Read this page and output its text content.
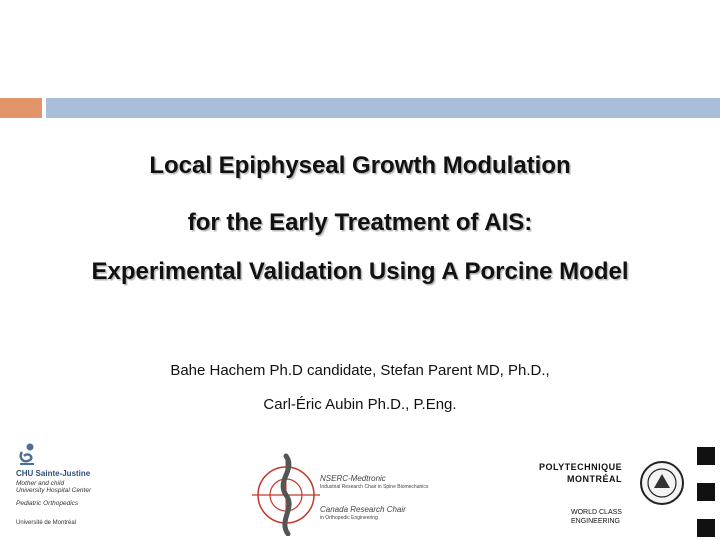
Local Epiphyseal Growth Modulation
for the Early Treatment of AIS:
Experimental Validation Using A Porcine Model
Bahe Hachem Ph.D candidate, Stefan Parent MD, Ph.D.,
Carl-Éric Aubin Ph.D., P.Eng.
CHU Sainte-Justine
Mother and child
University Hospital Center
Pediatric Orthopedics
Université de Montréal
NSERC-Medtronic
Industrial Research Chair in Spine Biomechanics
Canada Research Chair
in Orthopedic Engineering
POLYTECHNIQUE
MONTRÉAL
WORLD CLASS
ENGINEERING
